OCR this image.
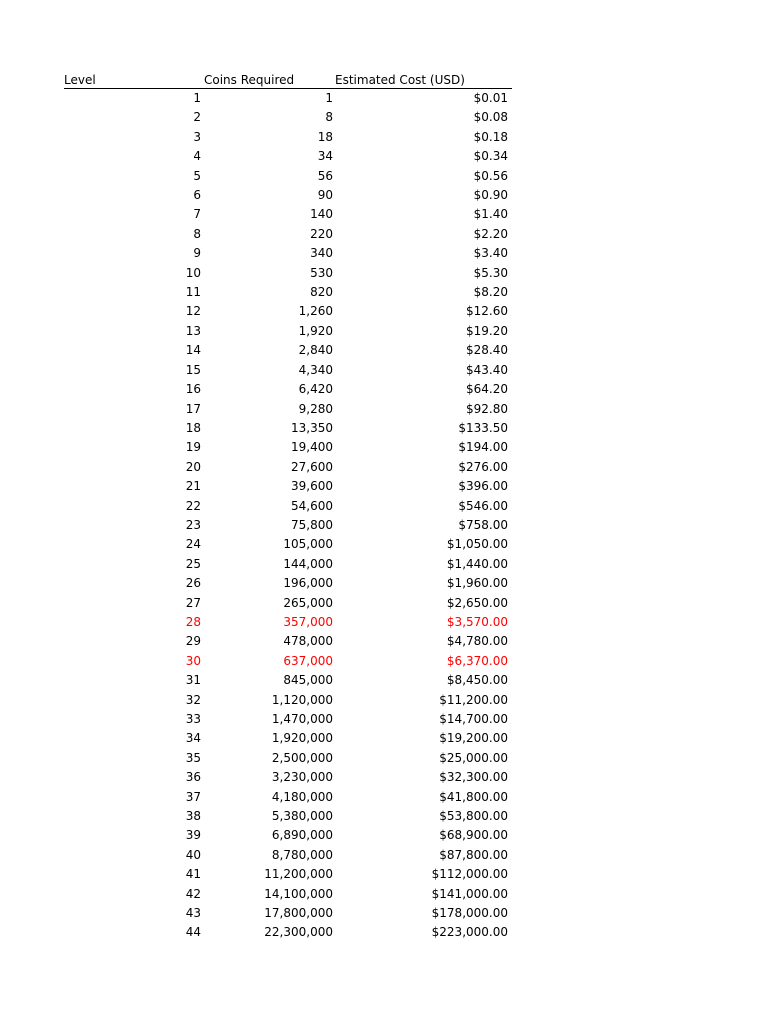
Level	Coins Required	Estimated Cost (USD)
1	1	$0.01
2	8	$0.08
3	18	$0.18
4	34	$0.34
5	56	$0.56
6	90	$0.90
7	140	$1.40
8	220	$2.20
9	340	$3.40
10	530	$5.30
11	820	$8.20
12	1,260	$12.60
13	1,920	$19.20
14	2,840	$28.40
15	4,340	$43.40
16	6,420	$64.20
17	9,280	$92.80
18	13,350	$133.50
19	19,400	$194.00
20	27,600	$276.00
21	39,600	$396.00
22	54,600	$546.00
23	75,800	$758.00
24	105,000	$1,050.00
25	144,000	$1,440.00
26	196,000	$1,960.00
27	265,000	$2,650.00
28	357,000	$3,570.00
29	478,000	$4,780.00
30	637,000	$6,370.00
31	845,000	$8,450.00
32	1,120,000	$11,200.00
33	1,470,000	$14,700.00
34	1,920,000	$19,200.00
35	2,500,000	$25,000.00
36	3,230,000	$32,300.00
37	4,180,000	$41,800.00
38	5,380,000	$53,800.00
39	6,890,000	$68,900.00
40	8,780,000	$87,800.00
41	11,200,000	$112,000.00
42	14,100,000	$141,000.00
43	17,800,000	$178,000.00
44	22,300,000	$223,000.00
